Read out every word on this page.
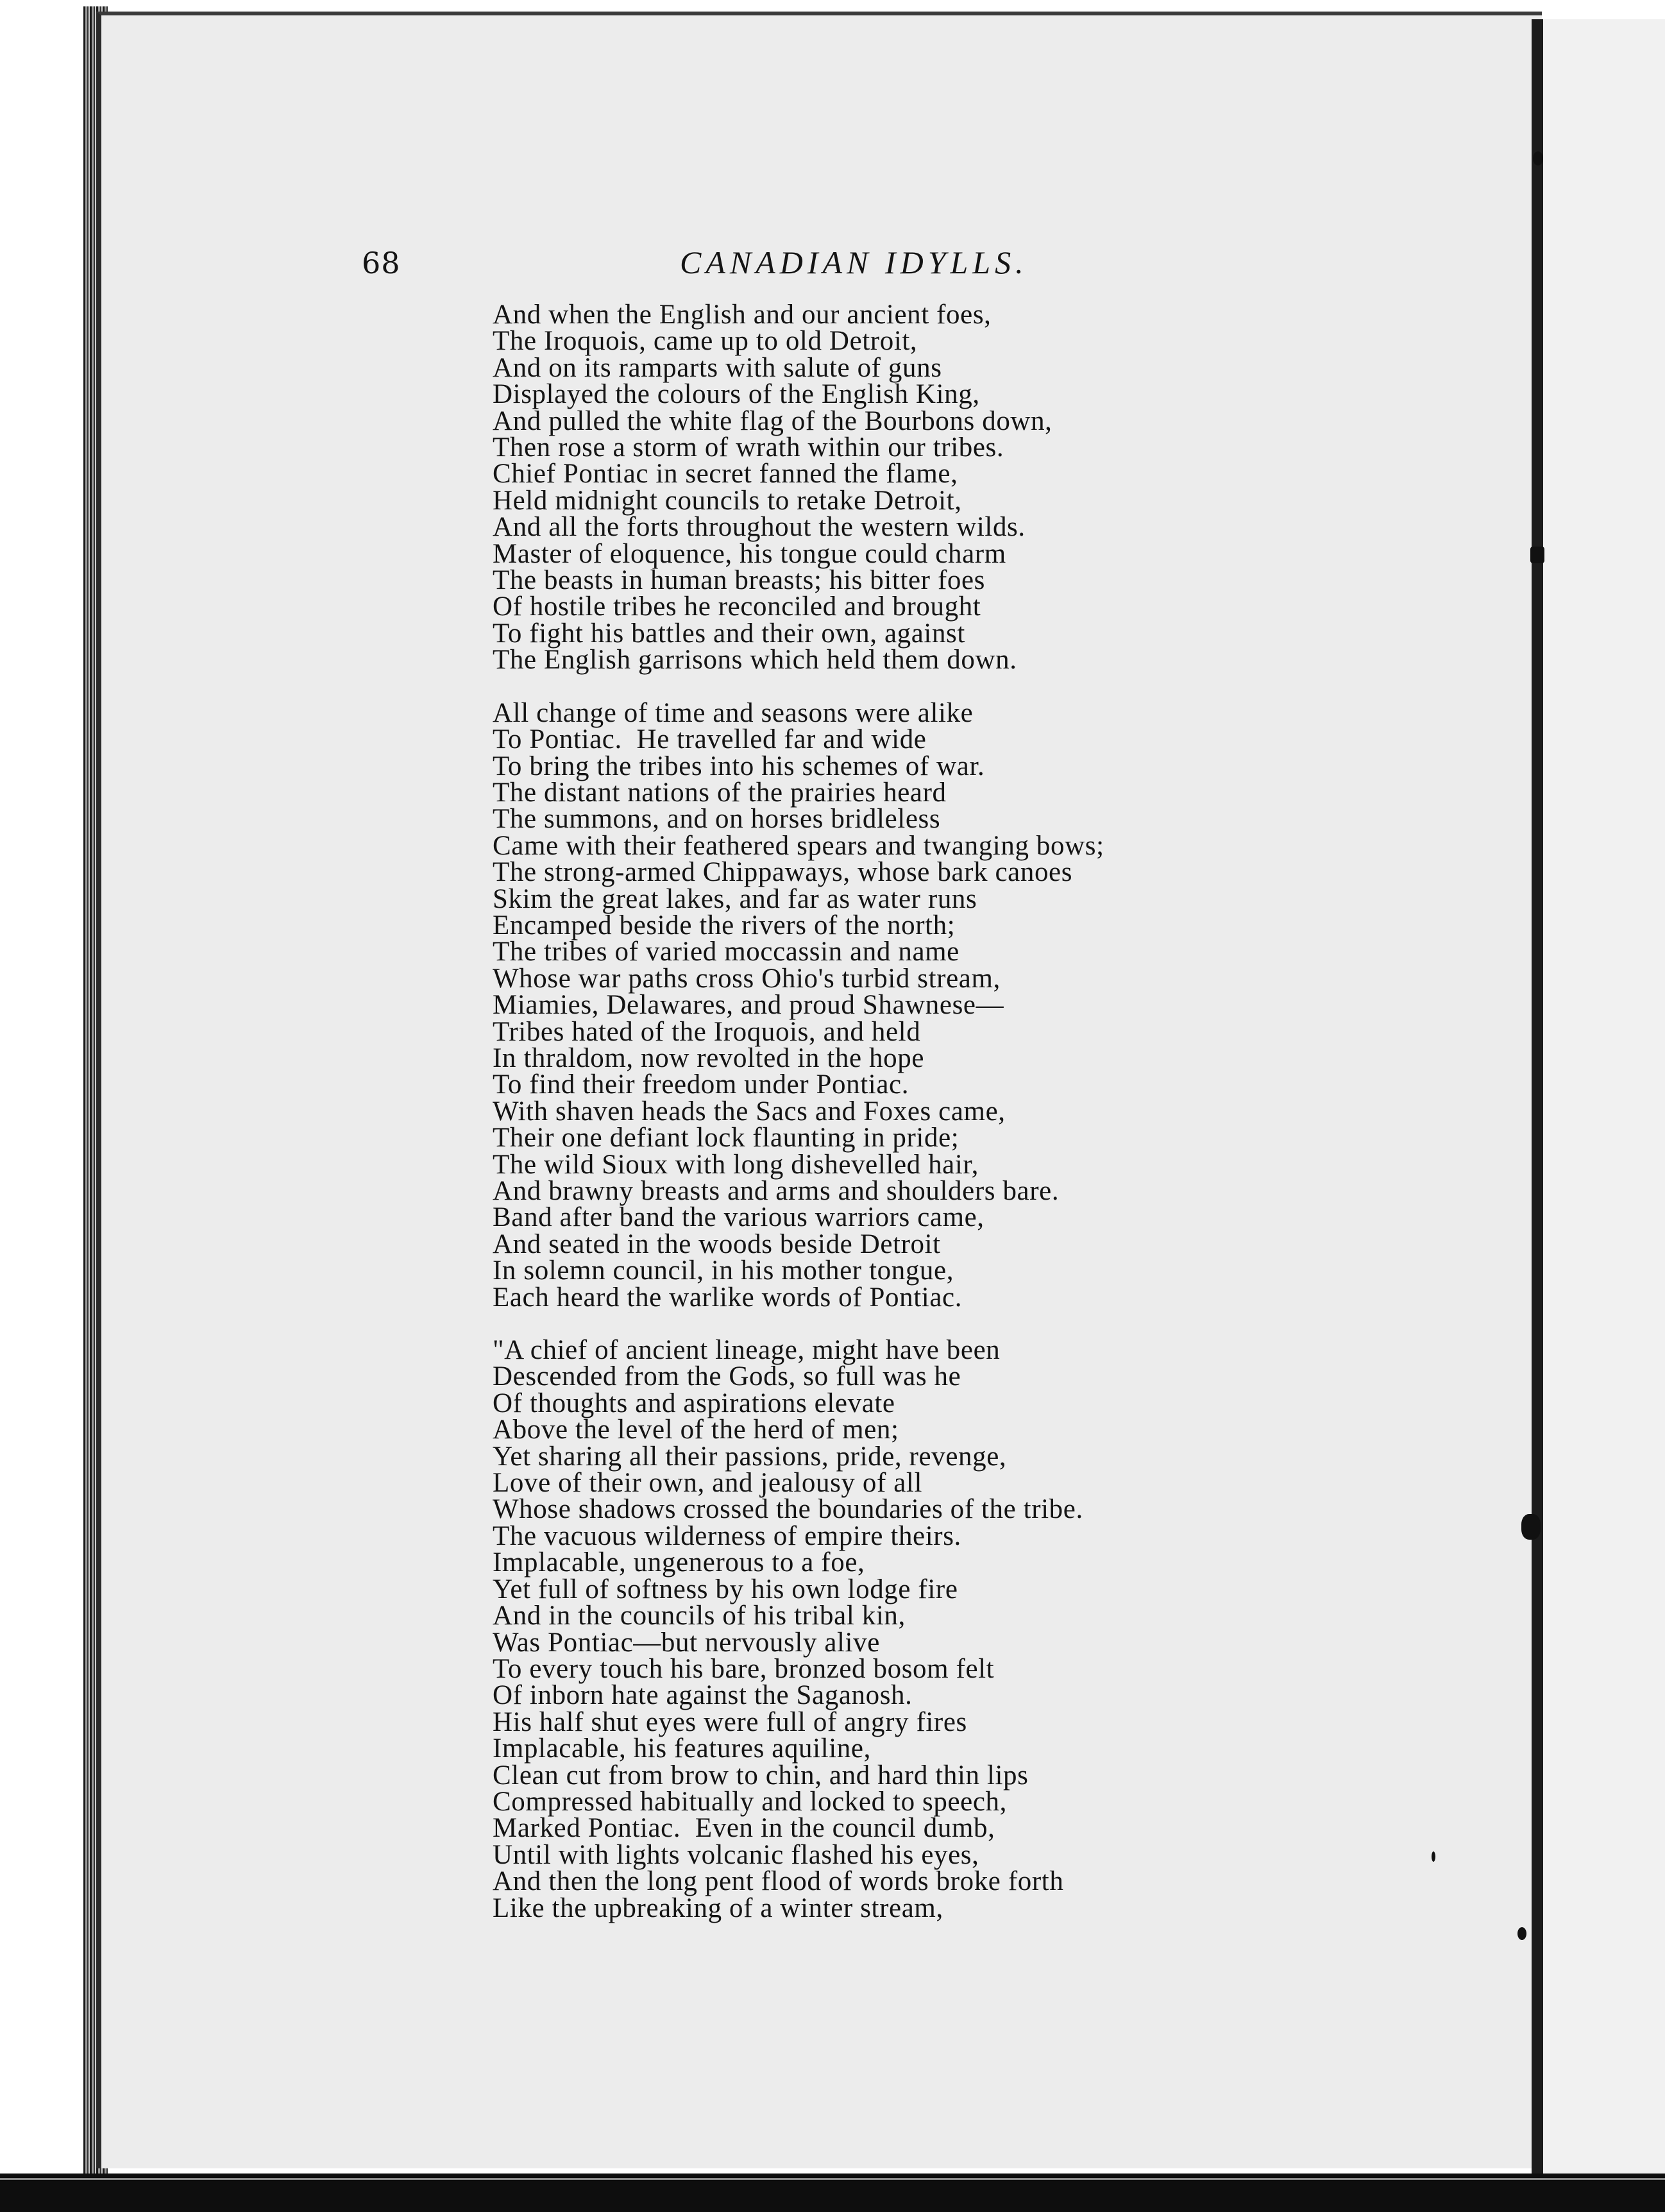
68	CANADIAN IDYLLS.
And when the English and our ancient foes,
The Iroquois, came up to old Detroit,
And on its ramparts with salute of guns
Displayed the colours of the English King,
And pulled the white flag of the Bourbons down,
Then rose a storm of wrath within our tribes.
Chief Pontiac in secret fanned the flame,
Held midnight councils to retake Detroit,
And all the forts throughout the western wilds.
Master of eloquence, his tongue could charm
The beasts in human breasts; his bitter foes
Of hostile tribes he reconciled and brought
To fight his battles and their own, against
The English garrisons which held them down.
All change of time and seasons were alike
To Pontiac.  He travelled far and wide
To bring the tribes into his schemes of war.
The distant nations of the prairies heard
The summons, and on horses bridleless
Came with their feathered spears and twanging bows;
The strong-armed Chippaways, whose bark canoes
Skim the great lakes, and far as water runs
Encamped beside the rivers of the north;
The tribes of varied moccassin and name
Whose war paths cross Ohio's turbid stream,
Miamies, Delawares, and proud Shawnese—
Tribes hated of the Iroquois, and held
In thraldom, now revolted in the hope
To find their freedom under Pontiac.
With shaven heads the Sacs and Foxes came,
Their one defiant lock flaunting in pride;
The wild Sioux with long dishevelled hair,
And brawny breasts and arms and shoulders bare.
Band after band the various warriors came,
And seated in the woods beside Detroit
In solemn council, in his mother tongue,
Each heard the warlike words of Pontiac.
"A chief of ancient lineage, might have been
Descended from the Gods, so full was he
Of thoughts and aspirations elevate
Above the level of the herd of men;
Yet sharing all their passions, pride, revenge,
Love of their own, and jealousy of all
Whose shadows crossed the boundaries of the tribe.
The vacuous wilderness of empire theirs.
Implacable, ungenerous to a foe,
Yet full of softness by his own lodge fire
And in the councils of his tribal kin,
Was Pontiac—but nervously alive
To every touch his bare, bronzed bosom felt
Of inborn hate against the Saganosh.
His half shut eyes were full of angry fires
Implacable, his features aquiline,
Clean cut from brow to chin, and hard thin lips
Compressed habitually and locked to speech,
Marked Pontiac.  Even in the council dumb,
Until with lights volcanic flashed his eyes,
And then the long pent flood of words broke forth
Like the upbreaking of a winter stream,
